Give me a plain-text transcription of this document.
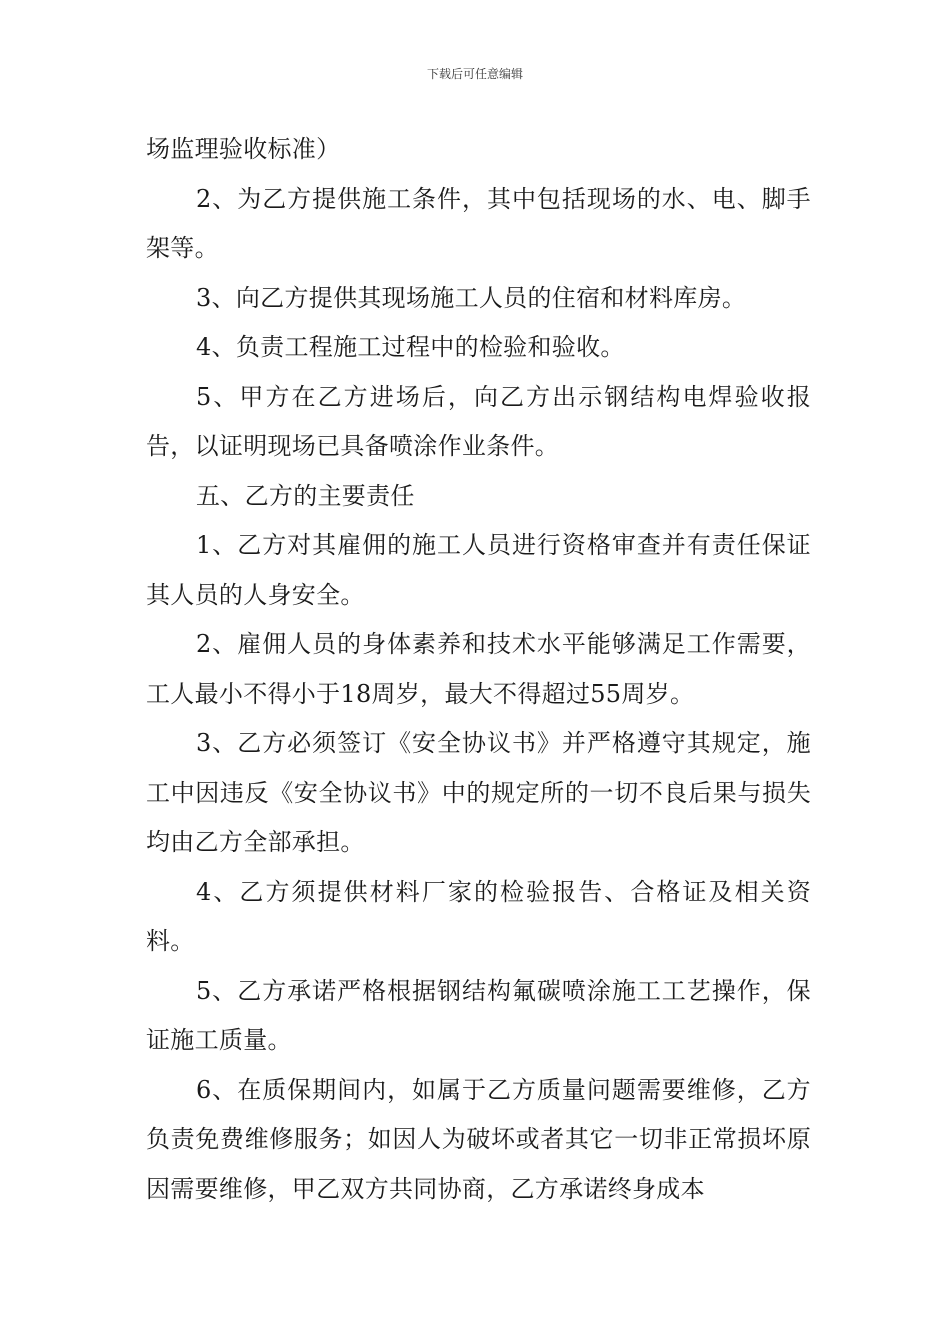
下载后可任意编辑

场监理验收标准）

2、为乙方提供施工条件，其中包括现场的水、电、脚手架等。

3、向乙方提供其现场施工人员的住宿和材料库房。

4、负责工程施工过程中的检验和验收。

5、甲方在乙方进场后，向乙方出示钢结构电焊验收报告，以证明现场已具备喷涂作业条件。

五、乙方的主要责任

1、乙方对其雇佣的施工人员进行资格审查并有责任保证其人员的人身安全。

2、雇佣人员的身体素养和技术水平能够满足工作需要，工人最小不得小于18周岁，最大不得超过55周岁。

3、乙方必须签订《安全协议书》并严格遵守其规定，施工中因违反《安全协议书》中的规定所的一切不良后果与损失均由乙方全部承担。

4、乙方须提供材料厂家的检验报告、合格证及相关资料。

5、乙方承诺严格根据钢结构氟碳喷涂施工工艺操作，保证施工质量。

6、在质保期间内，如属于乙方质量问题需要维修，乙方负责免费维修服务；如因人为破坏或者其它一切非正常损坏原因需要维修，甲乙双方共同协商，乙方承诺终身成本
